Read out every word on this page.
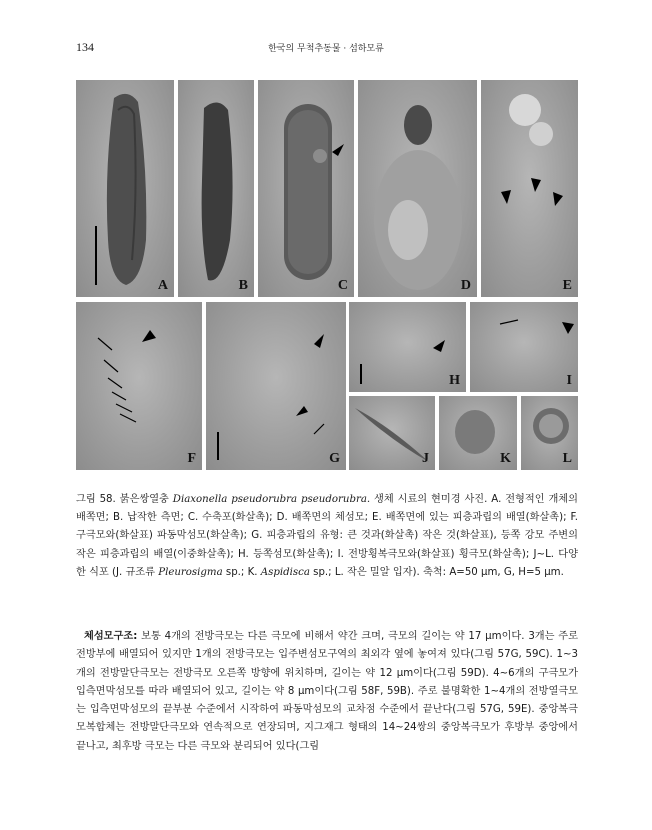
134	한국의 무척추동물 · 섬하모류
A	B	C	D	E
F	G
H	I
J	K	L

그림 58. 붉은쌍열충 Diaxonella pseudorubra pseudorubra. 생체 시료의 현미경 사진. A. 전형적인 개체의 배쪽면; B. 납작한 측면; C. 수축포(화살촉); D. 배쪽면의 체섬모; E. 배쪽면에 있는 피층과립의 배열(화살촉); F. 구극모와(화살표) 파동막섬모(화살촉); G. 피층과립의 유형: 큰 것과(화살촉) 작은 것(화살표), 등쪽 강모 주변의 작은 피층과립의 배열(이중화살촉); H. 등쪽섬모(화살촉); I. 전방횡복극모와(화살표) 횡극모(화살촉); J~L. 다양한 식포 (J. 규조류 Pleurosigma sp.; K. Aspidisca sp.; L. 작은 밀알 입자). 축척: A=50 μm, G, H=5 μm.

체섬모구조: 보통 4개의 전방극모는 다른 극모에 비해서 약간 크며, 극모의 길이는 약 17 μm이다. 3개는 주로 전방부에 배열되어 있지만 1개의 전방극모는 입주변섬모구역의 최외각 옆에 놓여져 있다(그림 57G, 59C). 1~3개의 전방말단극모는 전방극모 오른쪽 방향에 위치하며, 길이는 약 12 μm이다(그림 59D). 4~6개의 구극모가 입측면막섬모를 따라 배열되어 있고, 길이는 약 8 μm이다(그림 58F, 59B). 주로 불명확한 1~4개의 전방열극모는 입측면막섬모의 끝부분 수준에서 시작하여 파동막섬모의 교차점 수준에서 끝난다(그림 57G, 59E). 중앙복극모복합체는 전방말단극모와 연속적으로 연장되며, 지그재그 형태의 14~24쌍의 중앙복극모가 후방부 중앙에서 끝나고, 최후방 극모는 다른 극모와 분리되어 있다(그림
